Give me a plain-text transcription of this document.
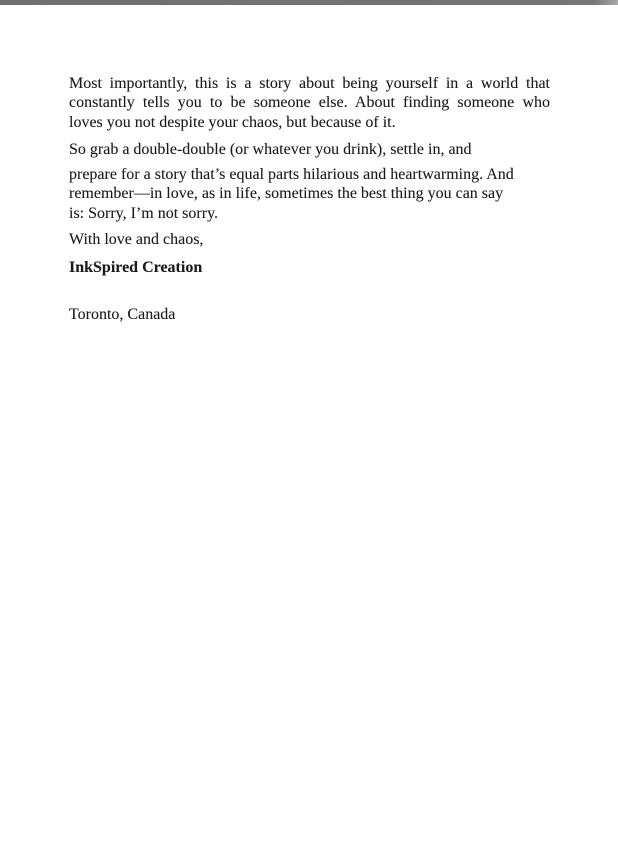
Most importantly, this is a story about being yourself in a world that
constantly tells you to be someone else. About finding someone who
loves you not despite your chaos, but because of it.
So grab a double-double (or whatever you drink), settle in, and
prepare for a story that’s equal parts hilarious and heartwarming. And
remember—in love, as in life, sometimes the best thing you can say
is: Sorry, I’m not sorry.
With love and chaos,
InkSpired Creation
Toronto, Canada
